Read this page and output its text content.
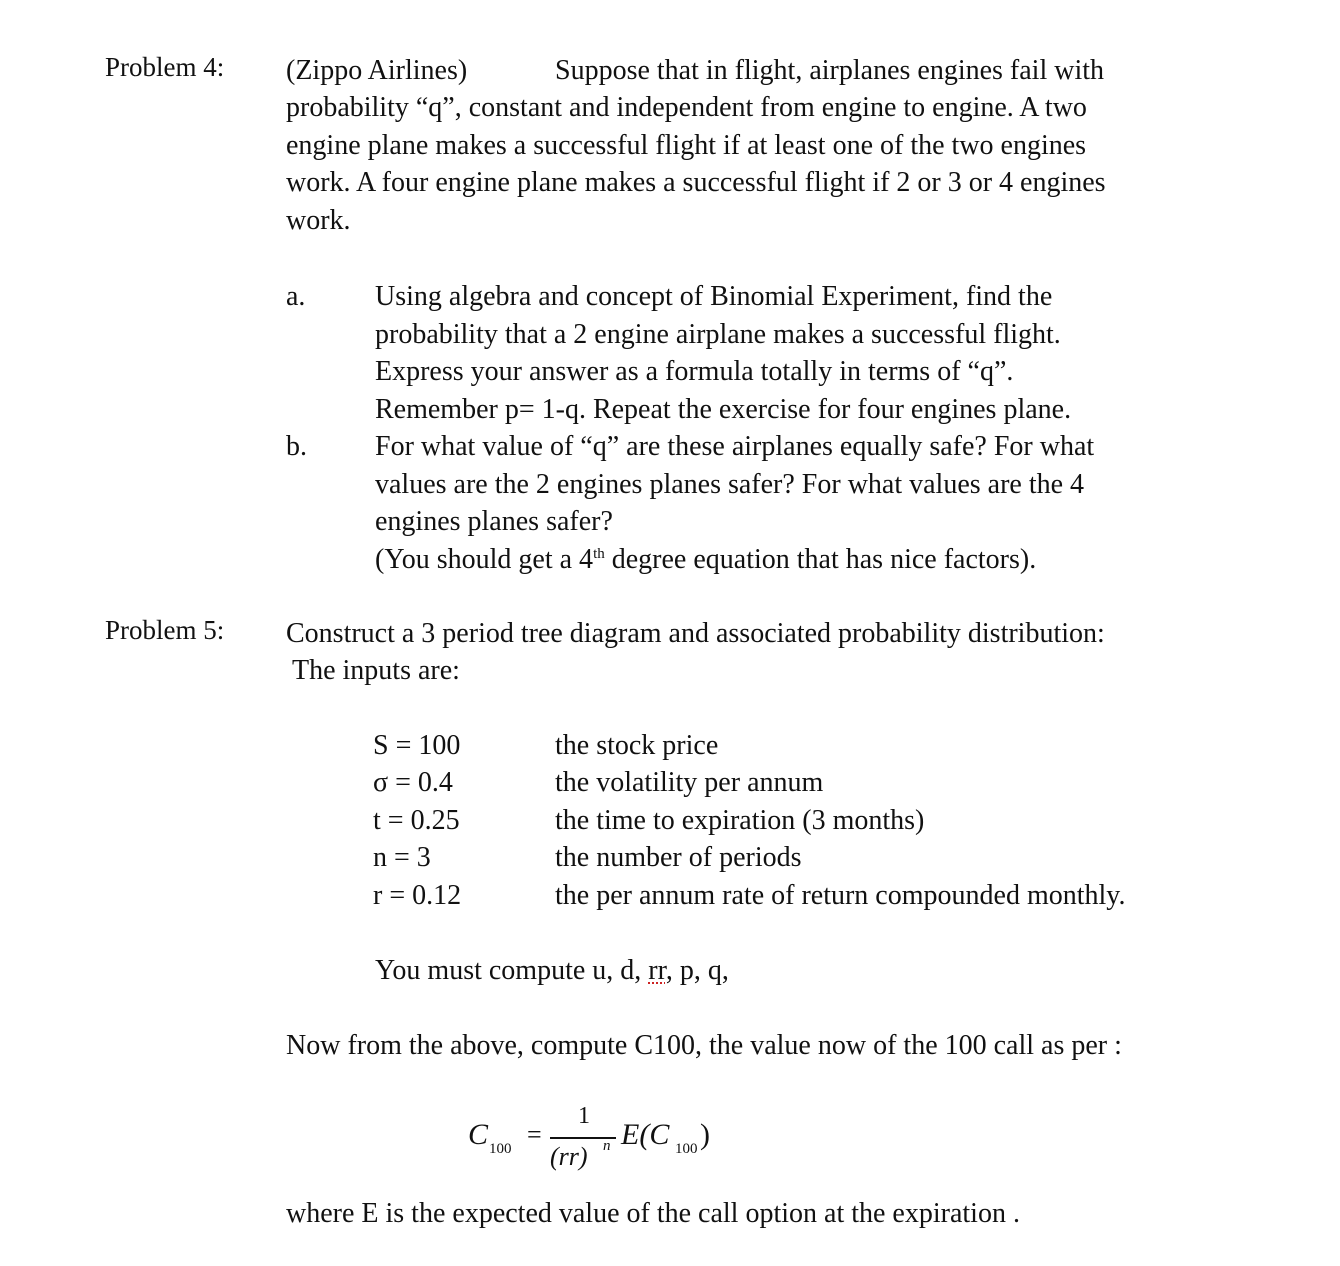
Problem 4: (Zippo Airlines)	Suppose that in flight, airplanes engines fail with
probability “q”, constant and independent from engine to engine. A two
engine plane makes a successful flight if at least one of the two engines
work. A four engine plane makes a successful flight if 2 or 3 or 4 engines
work.
a. Using algebra and concept of Binomial Experiment, find the
probability that a 2 engine airplane makes a successful flight.
Express your answer as a formula totally in terms of “q”.
Remember p= 1-q. Repeat the exercise for four engines plane.
b. For what value of “q” are these airplanes equally safe? For what
values are the 2 engines planes safer? For what values are the 4
engines planes safer?
(You should get a 4th degree equation that has nice factors).
Problem 5: Construct a 3 period tree diagram and associated probability distribution:
The inputs are:
S = 100	the stock price
σ = 0.4	the volatility per annum
t = 0.25	the time to expiration (3 months)
n = 3	the number of periods
r = 0.12	the per annum rate of return compounded monthly.
You must compute u, d, rr, p, q,
Now from the above, compute C100, the value now of the 100 call as per :
C 100 =
1
(rr) n E(C 100 )
where E is the expected value of the call option at the expiration .
